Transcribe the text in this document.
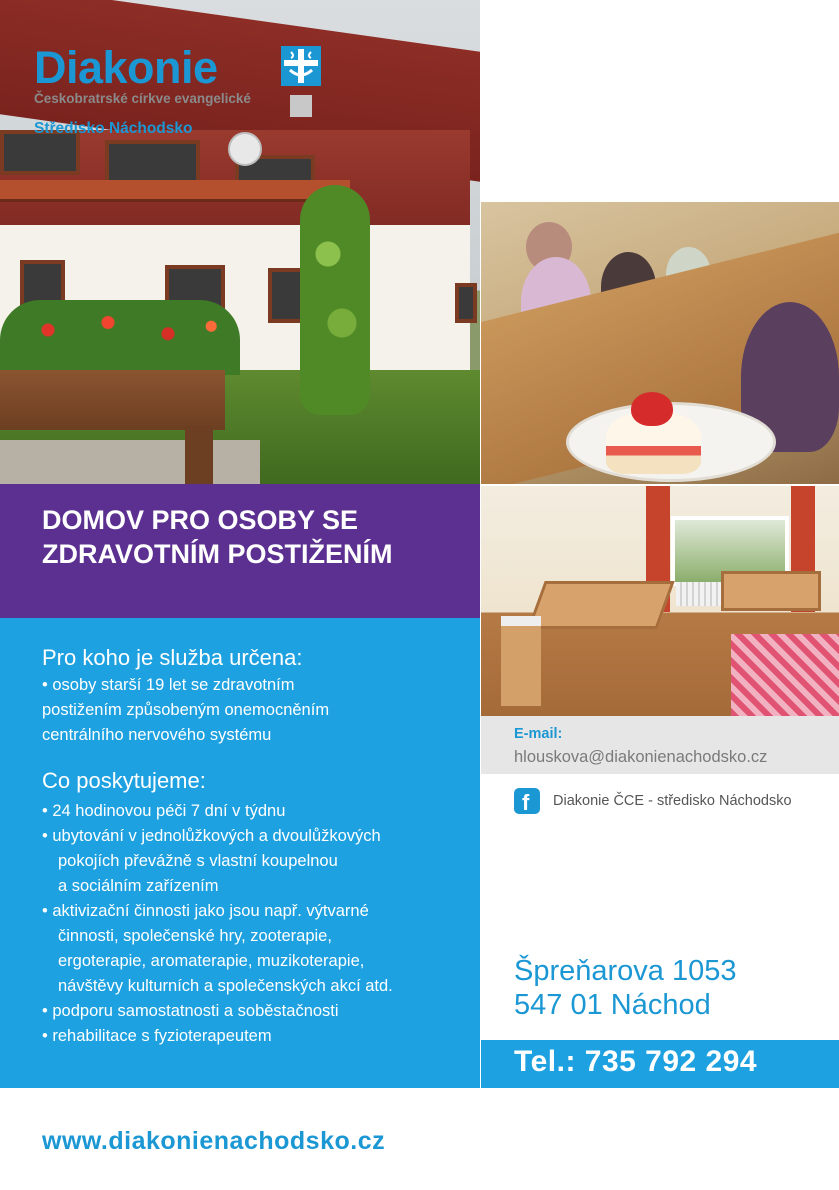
Diakonie
Českobratrské církve evangelické
Středisko Náchodsko
DOMOV PRO OSOBY SE ZDRAVOTNÍM POSTIŽENÍM
Pro koho je služba určena:
• osoby starší 19 let se zdravotním
postižením způsobeným onemocněním
centrálního nervového systému
Co poskytujeme:
• 24 hodinovou péči 7 dní v týdnu
• ubytování v jednolůžkových a dvoulůžkových
pokojích převážně s vlastní koupelnou
a sociálním zařízením
• aktivizační činnosti jako jsou např. výtvarné
činnosti, společenské hry, zooterapie,
ergoterapie, aromaterapie, muzikoterapie,
návštěvy kulturních a společenských akcí atd.
• podporu samostatnosti a soběstačnosti
• rehabilitace s fyzioterapeutem
E-mail:
hlouskova@diakonienachodsko.cz
f Diakonie ČCE - středisko Náchodsko
Špreňarova 1053
547 01 Náchod
Tel.: 735 792 294
www.diakonienachodsko.cz
